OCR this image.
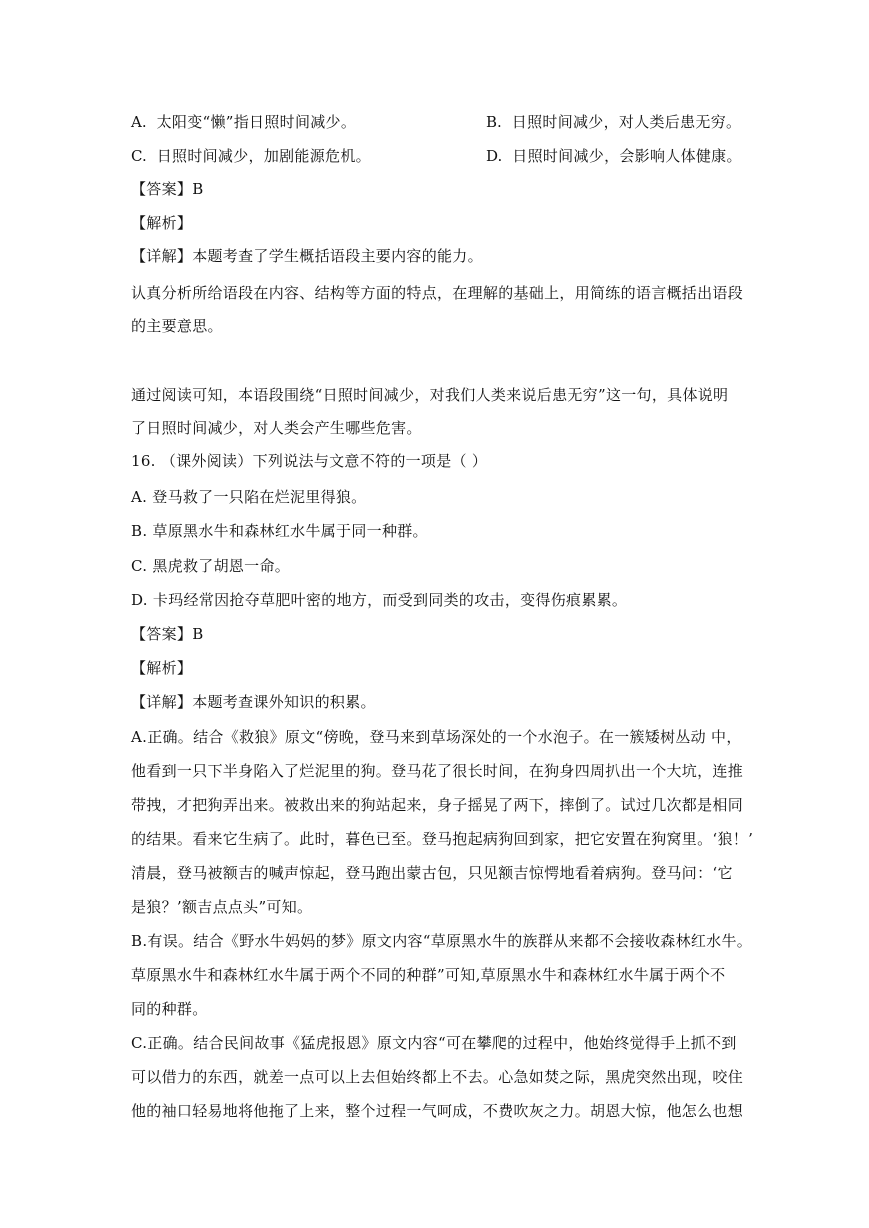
A. 太阳变“懒”指日照时间减少。	B. 日照时间减少，对人类后患无穷。
C. 日照时间减少，加剧能源危机。	D. 日照时间减少，会影响人体健康。
【答案】B
【解析】
【详解】本题考查了学生概括语段主要内容的能力。
认真分析所给语段在内容、结构等方面的特点，在理解的基础上，用简练的语言概括出语段
的主要意思。
通过阅读可知，本语段围绕“日照时间减少，对我们人类来说后患无穷”这一句，具体说明
了日照时间减少，对人类会产生哪些危害。
16. （课外阅读）下列说法与文意不符的一项是（ ）
A. 登马救了一只陷在烂泥里得狼。
B. 草原黑水牛和森林红水牛属于同一种群。
C. 黑虎救了胡恩一命。
D. 卡玛经常因抢夺草肥叶密的地方，而受到同类的攻击，变得伤痕累累。
【答案】B
【解析】
【详解】本题考查课外知识的积累。
A.正确。结合《救狼》原文“傍晚，登马来到草场深处的一个水泡子。在一簇矮树丛动 中，
他看到一只下半身陷入了烂泥里的狗。登马花了很长时间，在狗身四周扒出一个大坑，连推
带拽，才把狗弄出来。被救出来的狗站起来，身子摇晃了两下，摔倒了。试过几次都是相同
的结果。看来它生病了。此时，暮色已至。登马抱起病狗回到家，把它安置在狗窝里。‘狼！’
清晨，登马被额吉的喊声惊起，登马跑出蒙古包，只见额吉惊愕地看着病狗。登马问：‘它
是狼？’额吉点点头”可知。
B.有误。结合《野水牛妈妈的梦》原文内容“草原黑水牛的族群从来都不会接收森林红水牛。
草原黑水牛和森林红水牛属于两个不同的种群”可知,草原黑水牛和森林红水牛属于两个不
同的种群。
C.正确。结合民间故事《猛虎报恩》原文内容“可在攀爬的过程中，他始终觉得手上抓不到
可以借力的东西，就差一点可以上去但始终都上不去。心急如焚之际，黑虎突然出现，咬住
他的袖口轻易地将他拖了上来，整个过程一气呵成，不费吹灰之力。胡恩大惊，他怎么也想
